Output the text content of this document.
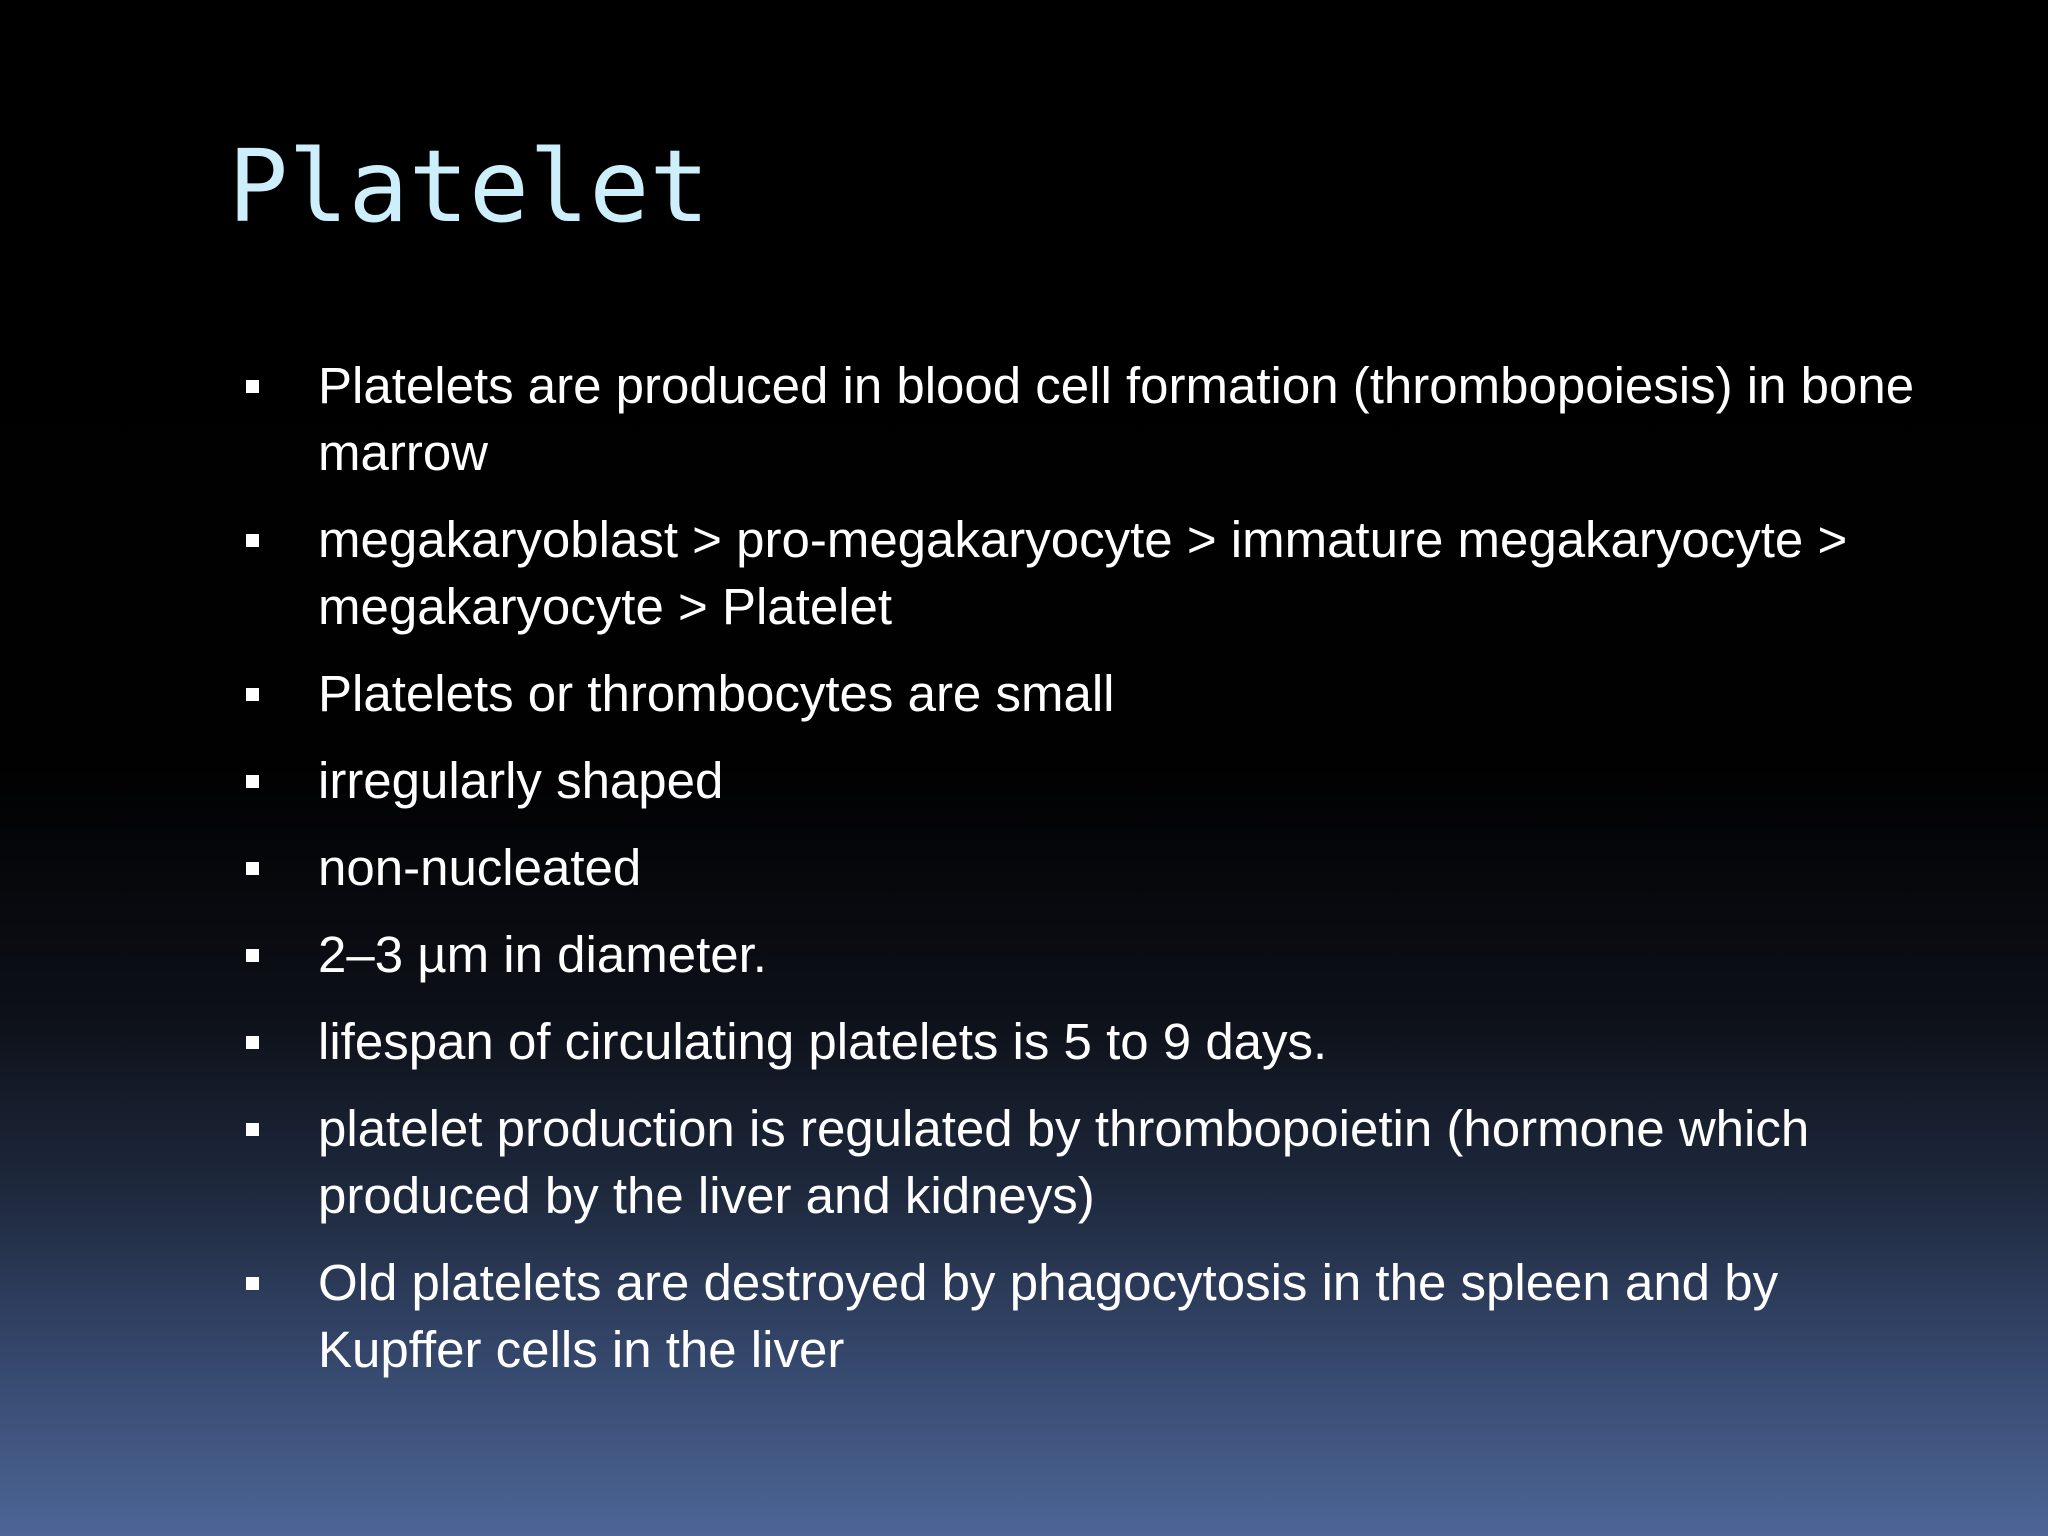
Platelet
Platelets are produced in blood cell formation (thrombopoiesis) in bone marrow
megakaryoblast > pro-megakaryocyte > immature megakaryocyte > megakaryocyte > Platelet
Platelets or thrombocytes are small
irregularly shaped
non-nucleated
2–3 µm in diameter.
lifespan of circulating platelets is 5 to 9 days.
platelet production is regulated by thrombopoietin (hormone which produced by the liver and kidneys)
Old platelets are destroyed by phagocytosis in the spleen and by Kupffer cells in the liver
